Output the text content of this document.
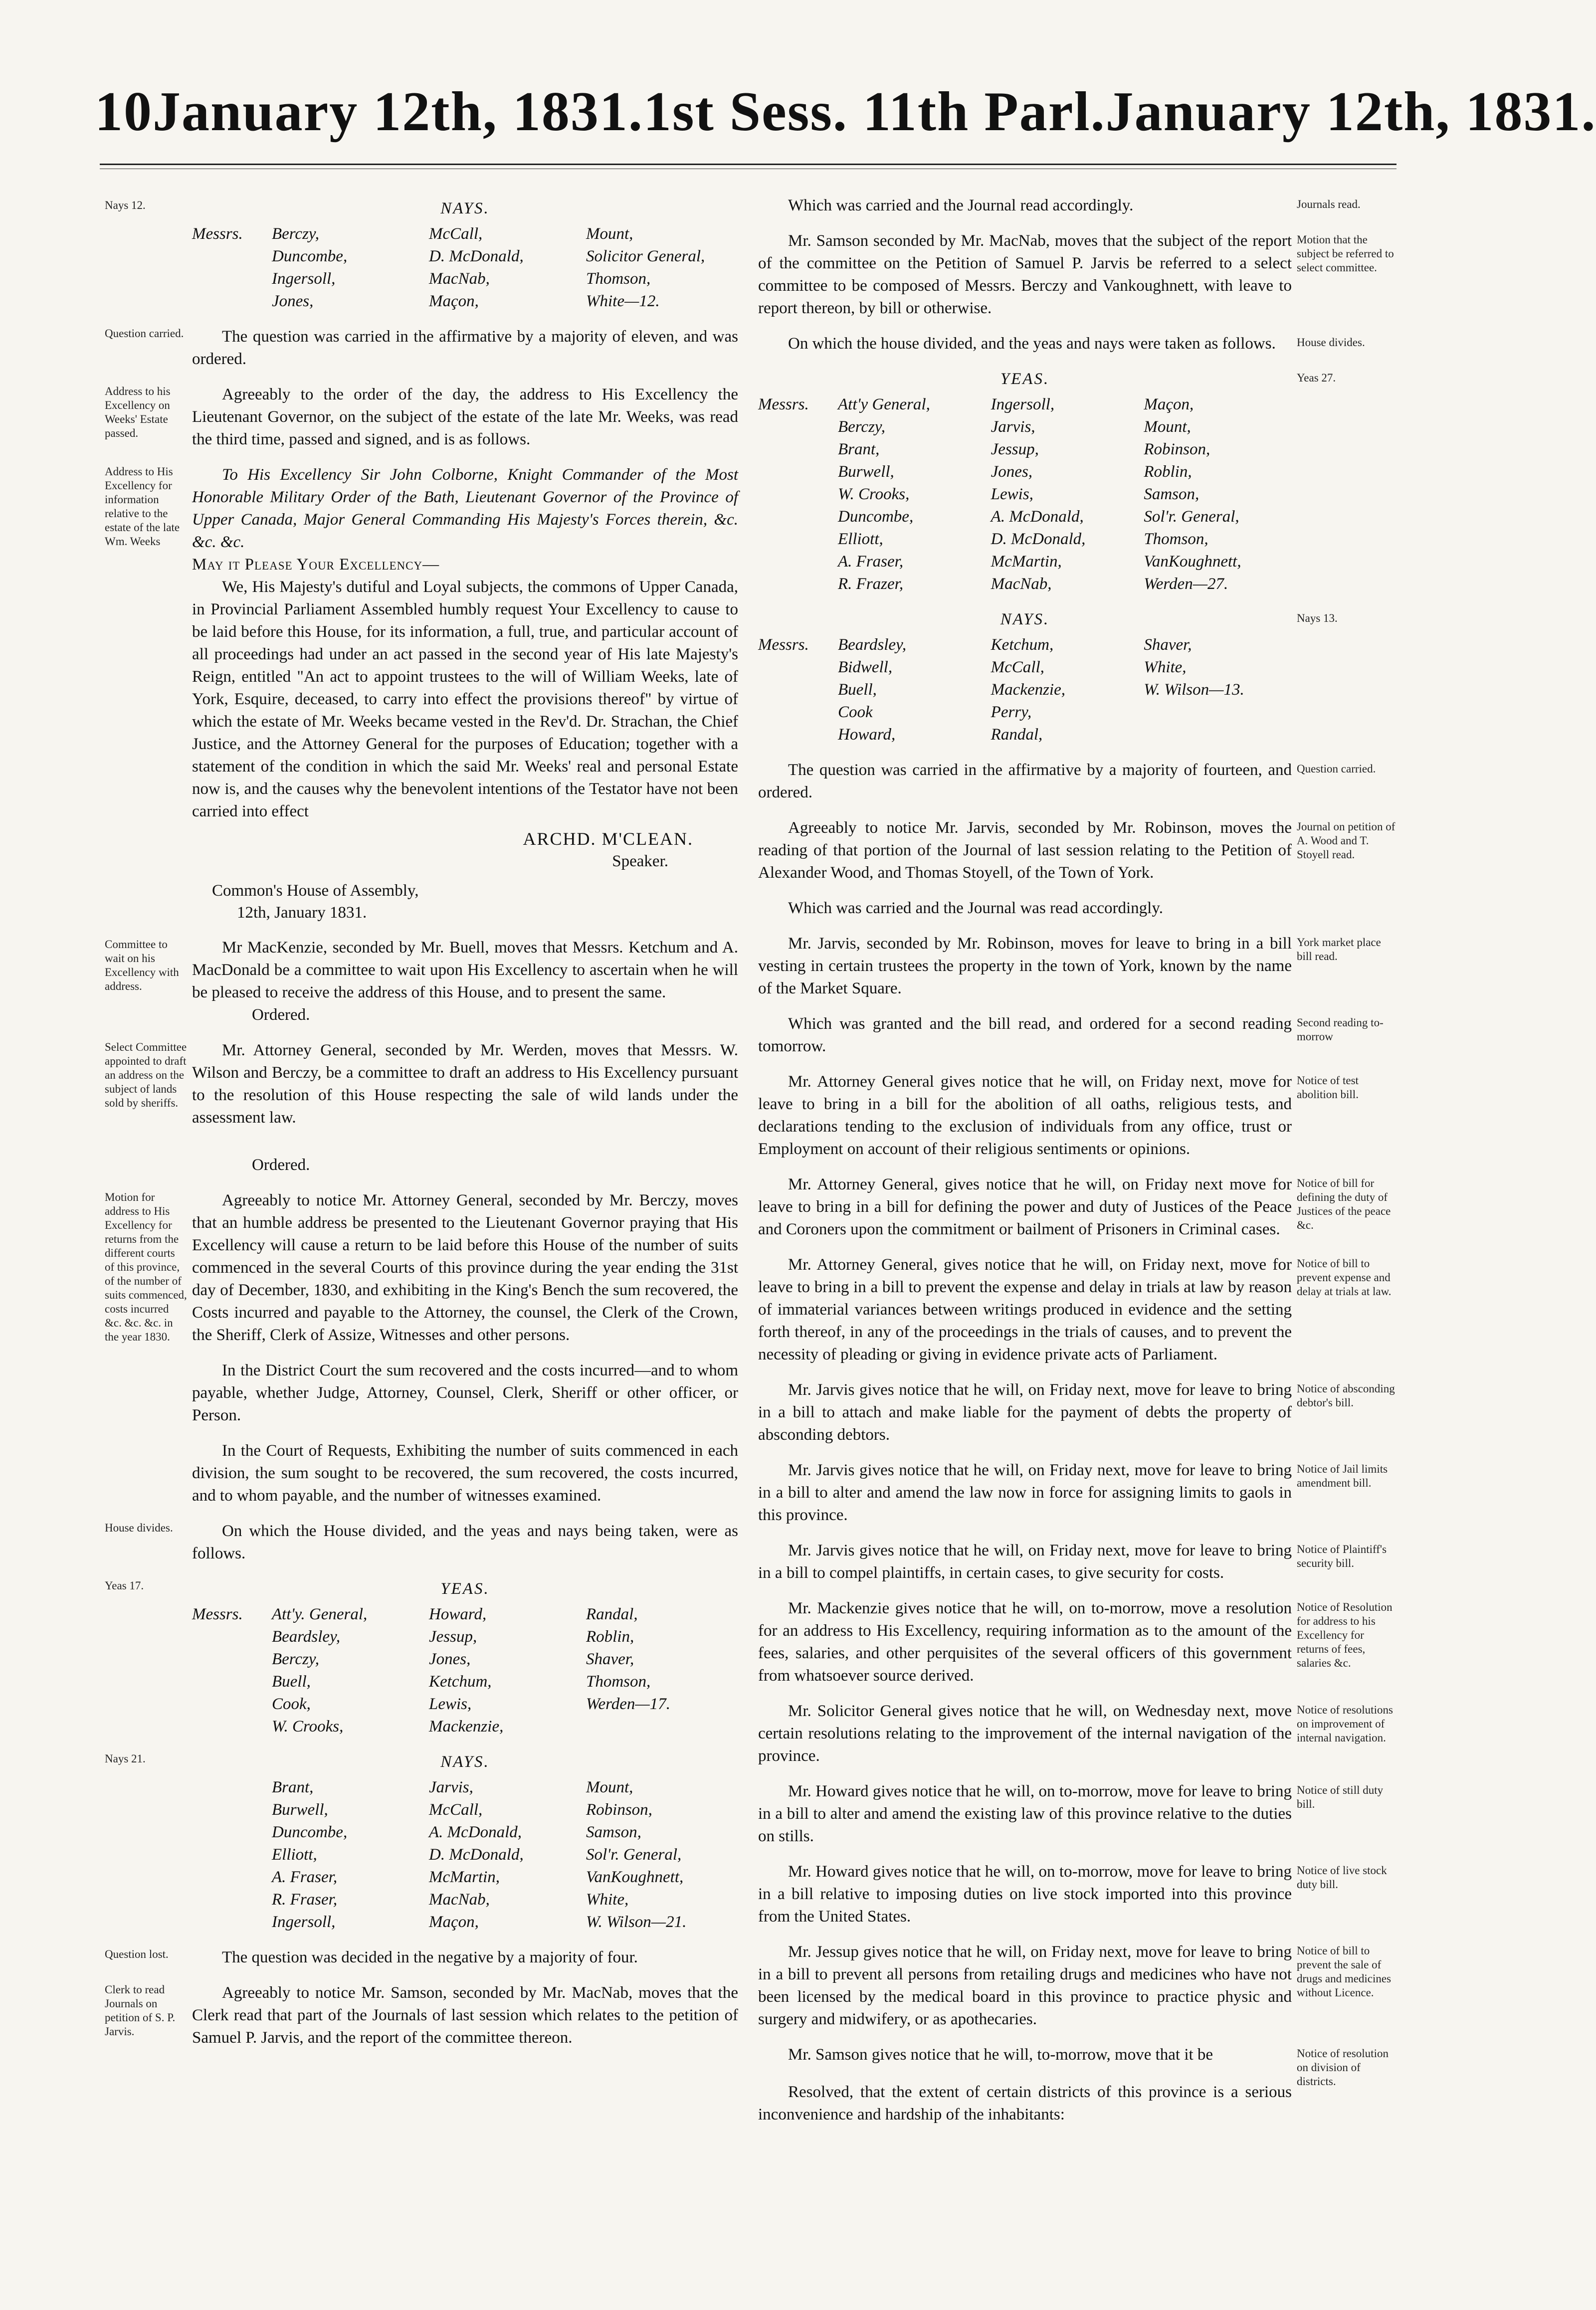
10 January 12th, 1831. 1st Sess. 11th Parl. January 12th, 1831.
Nays 12.	NAYS.
Messrs.	Berczy,	McCall,	Mount,
Duncombe,	D. McDonald,	Solicitor General,
Ingersoll,	MacNab,	Thomson,
Jones,	Maçon,	White—12.
Question carried.	The question was carried in the affirmative by a majority of eleven, and was ordered.

Address to his Excellency on Weeks' Estate passed.

Agreeably to the order of the day, the address to His Excellency the Lieutenant Governor, on the subject of the estate of the late Mr. Weeks, was read the third time, passed and signed, and is as follows.

Address to His Excellency for information relative to the estate of the late Wm. Weeks

To His Excellency Sir John Colborne, Knight Commander of the Most Honorable Military Order of the Bath, Lieutenant Governor of the Province of Upper Canada, Major General Commanding His Majesty's Forces therein, &c. &c. &c.

May it Please Your Excellency—

We, His Majesty's dutiful and Loyal subjects, the commons of Upper Canada, in Provincial Parliament Assembled humbly request Your Excellency to cause to be laid before this House, for its information, a full, true, and particular account of all proceedings had under an act passed in the second year of His late Majesty's Reign, entitled "An act to appoint trustees to the will of William Weeks, late of York, Esquire, deceased, to carry into effect the provisions thereof" by virtue of which the estate of Mr. Weeks became vested in the Rev'd. Dr. Strachan, the Chief Justice, and the Attorney General for the purposes of Education; together with a statement of the condition in which the said Mr. Weeks' real and personal Estate now is, and the causes why the benevolent intentions of the Testator have not been carried into effect

ARCHD. M'CLEAN.
Speaker.
Common's House of Assembly,
12th, January 1831.
Committee to wait on his Excellency with address.

Mr MacKenzie, seconded by Mr. Buell, moves that Messrs. Ketchum and A. MacDonald be a committee to wait upon His Excellency to ascertain when he will be pleased to receive the address of this House, and to present the same.

Ordered.
Select Committee appointed to draft an address on the subject of lands sold by sheriffs.

Mr. Attorney General, seconded by Mr. Werden, moves that Messrs. W. Wilson and Berczy, be a committee to draft an address to His Excellency pursuant to the resolution of this House respecting the sale of wild lands under the assessment law.

Ordered.
Motion for address to His Excellency for returns from the different courts of this province, of the number of suits commenced, costs incurred &c. &c. &c. in the year 1830.

Agreeably to notice Mr. Attorney General, seconded by Mr. Berczy, moves that an humble address be presented to the Lieutenant Governor praying that His Excellency will cause a return to be laid before this House of the number of suits commenced in the several Courts of this province during the year ending the 31st day of December, 1830, and exhibiting in the King's Bench the sum recovered, the Costs incurred and payable to the Attorney, the counsel, the Clerk of the Crown, the Sheriff, Clerk of Assize, Witnesses and other persons.

In the District Court the sum recovered and the costs incurred—and to whom payable, whether Judge, Attorney, Counsel, Clerk, Sheriff or other officer, or Person.

In the Court of Requests, Exhibiting the number of suits commenced in each division, the sum sought to be recovered, the sum recovered, the costs incurred, and to whom payable, and the number of witnesses examined.

House divides.	On which the House divided, and the yeas and nays being taken, were as follows.

Yeas 17.	YEAS.
Messrs.	Att'y. General,	Howard,	Randal,
Beardsley,	Jessup,	Roblin,
Berczy,	Jones,	Shaver,
Buell,	Ketchum,	Thomson,
Cook,	Lewis,	Werden—17.
W. Crooks,	Mackenzie,
Nays 21.	NAYS.
Brant,	Jarvis,	Mount,
Burwell,	McCall,	Robinson,
Duncombe,	A. McDonald,	Samson,
Elliott,	D. McDonald,	Sol'r. General,
A. Fraser,	McMartin,	VanKoughnett,
R. Fraser,	MacNab,	White,
Ingersoll,	Maçon,	W. Wilson—21.
Question lost.	The question was decided in the negative by a majority of four.

Clerk to read Journals on petition of S. P. Jarvis.

Agreeably to notice Mr. Samson, seconded by Mr. MacNab, moves that the Clerk read that part of the Journals of last session which relates to the petition of Samuel P. Jarvis, and the report of the committee thereon.

Journals read.

Which was carried and the Journal read accordingly.

Motion that the subject be referred to select committee.

Mr. Samson seconded by Mr. MacNab, moves that the subject of the report of the committee on the Petition of Samuel P. Jarvis be referred to a select committee to be composed of Messrs. Berczy and Vankoughnett, with leave to report thereon, by bill or otherwise.

House divides.

On which the house divided, and the yeas and nays were taken as follows.

Yeas 27.
YEAS.
Messrs.	Att'y General,	Ingersoll,	Maçon,
Berczy,	Jarvis,	Mount,
Brant,	Jessup,	Robinson,
Burwell,	Jones,	Roblin,
W. Crooks,	Lewis,	Samson,
Duncombe,	A. McDonald,	Sol'r. General,
Elliott,	D. McDonald,	Thomson,
A. Fraser,	McMartin,	VanKoughnett,
R. Frazer,	MacNab,	Werden—27.
Nays 13.
NAYS.
Messrs.	Beardsley,	Ketchum,	Shaver,
Bidwell,	McCall,	White,
Buell,	Mackenzie,	W. Wilson—13.
Cook	Perry,
Howard,	Randal,
Question carried.

The question was carried in the affirmative by a majority of fourteen, and ordered.

Journal on petition of A. Wood and T. Stoyell read.

Agreeably to notice Mr. Jarvis, seconded by Mr. Robinson, moves the reading of that portion of the Journal of last session relating to the Petition of Alexander Wood, and Thomas Stoyell, of the Town of York.

Which was carried and the Journal was read accordingly.

York market place bill read.

Mr. Jarvis, seconded by Mr. Robinson, moves for leave to bring in a bill vesting in certain trustees the property in the town of York, known by the name of the Market Square.

Second reading to-morrow

Which was granted and the bill read, and ordered for a second reading tomorrow.

Notice of test abolition bill.

Mr. Attorney General gives notice that he will, on Friday next, move for leave to bring in a bill for the abolition of all oaths, religious tests, and declarations tending to the exclusion of individuals from any office, trust or Employment on account of their religious sentiments or opinions.

Notice of bill for defining the duty of Justices of the peace &c.

Mr. Attorney General, gives notice that he will, on Friday next move for leave to bring in a bill for defining the power and duty of Justices of the Peace and Coroners upon the commitment or bailment of Prisoners in Criminal cases.

Notice of bill to prevent expense and delay at trials at law.

Mr. Attorney General, gives notice that he will, on Friday next, move for leave to bring in a bill to prevent the expense and delay in trials at law by reason of immaterial variances between writings produced in evidence and the setting forth thereof, in any of the proceedings in the trials of causes, and to prevent the necessity of pleading or giving in evidence private acts of Parliament.

Notice of absconding debtor's bill.

Mr. Jarvis gives notice that he will, on Friday next, move for leave to bring in a bill to attach and make liable for the payment of debts the property of absconding debtors.

Notice of Jail limits amendment bill.

Mr. Jarvis gives notice that he will, on Friday next, move for leave to bring in a bill to alter and amend the law now in force for assigning limits to gaols in this province.

Notice of Plaintiff's security bill.

Mr. Jarvis gives notice that he will, on Friday next, move for leave to bring in a bill to compel plaintiffs, in certain cases, to give security for costs.

Notice of Resolution for address to his Excellency for returns of fees, salaries &c.

Mr. Mackenzie gives notice that he will, on to-morrow, move a resolution for an address to His Excellency, requiring information as to the amount of the fees, salaries, and other perquisites of the several officers of this government from whatsoever source derived.

Notice of resolutions on improvement of internal navigation.

Mr. Solicitor General gives notice that he will, on Wednesday next, move certain resolutions relating to the improvement of the internal navigation of the province.

Notice of still duty bill.

Mr. Howard gives notice that he will, on to-morrow, move for leave to bring in a bill to alter and amend the existing law of this province relative to the duties on stills.

Notice of live stock duty bill.

Mr. Howard gives notice that he will, on to-morrow, move for leave to bring in a bill relative to imposing duties on live stock imported into this province from the United States.

Notice of bill to prevent the sale of drugs and medicines without Licence.

Mr. Jessup gives notice that he will, on Friday next, move for leave to bring in a bill to prevent all persons from retailing drugs and medicines who have not been licensed by the medical board in this province to practice physic and surgery and midwifery, or as apothecaries.

Notice of resolution on division of districts.

Mr. Samson gives notice that he will, to-morrow, move that it be

Resolved, that the extent of certain districts of this province is a serious inconvenience and hardship of the inhabitants:
